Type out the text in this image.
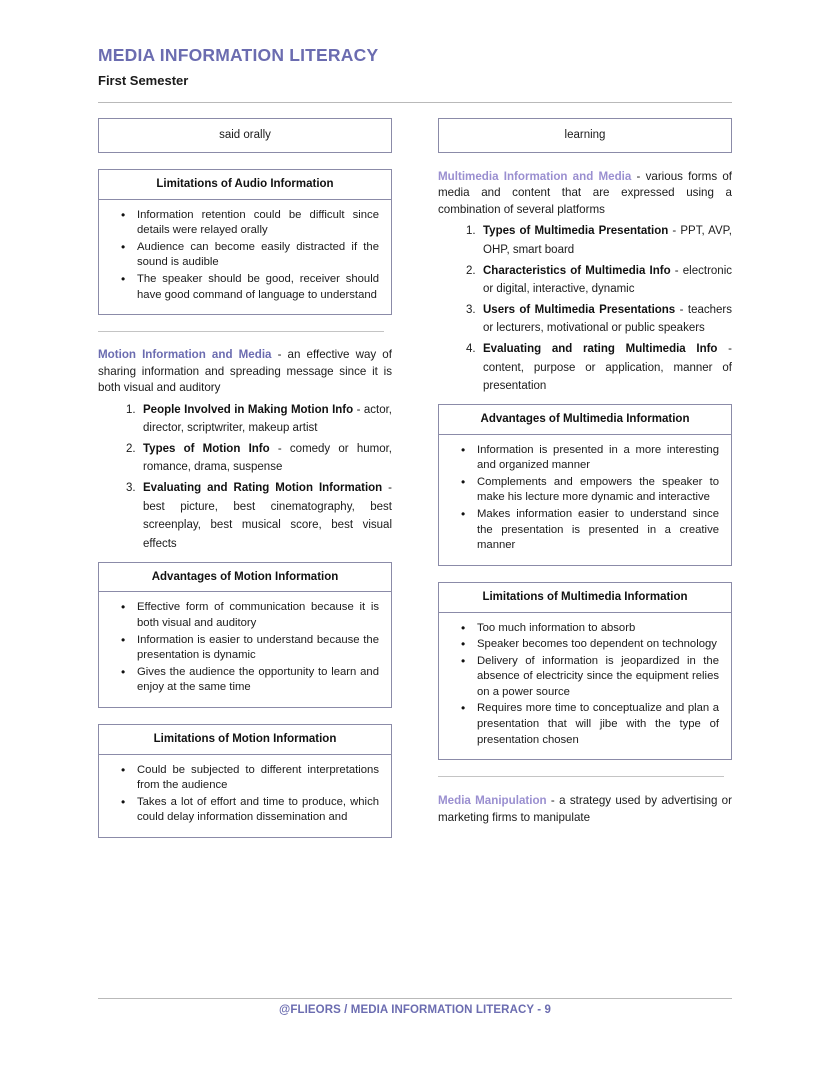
MEDIA INFORMATION LITERACY
First Semester
said orally
Limitations of Audio Information
• Information retention could be difficult since details were relayed orally
• Audience can become easily distracted if the sound is audible
• The speaker should be good, receiver should have good command of language to understand

Motion Information and Media - an effective way of sharing information and spreading message since it is both visual and auditory

People Involved in Making Motion Info - actor, director, scriptwriter, makeup artist
Types of Motion Info - comedy or humor, romance, drama, suspense
Evaluating and Rating Motion Information - best picture, best cinematography, best screenplay, best musical score, best visual effects
Advantages of Motion Information
• Effective form of communication because it is both visual and auditory
• Information is easier to understand because the presentation is dynamic
• Gives the audience the opportunity to learn and enjoy at the same time
Limitations of Motion Information
• Could be subjected to different interpretations from the audience
• Takes a lot of effort and time to produce, which could delay information dissemination and
learning

Multimedia Information and Media - various forms of media and content that are expressed using a combination of several platforms

Types of Multimedia Presentation - PPT, AVP, OHP, smart board
Characteristics of Multimedia Info - electronic or digital, interactive, dynamic
Users of Multimedia Presentations - teachers or lecturers, motivational or public speakers
Evaluating and rating Multimedia Info - content, purpose or application, manner of presentation
Advantages of Multimedia Information
• Information is presented in a more interesting and organized manner
• Complements and empowers the speaker to make his lecture more dynamic and interactive
• Makes information easier to understand since the presentation is presented in a creative manner
Limitations of Multimedia Information
• Too much information to absorb
• Speaker becomes too dependent on technology
• Delivery of information is jeopardized in the absence of electricity since the equipment relies on a power source
• Requires more time to conceptualize and plan a presentation that will jibe with the type of presentation chosen

Media Manipulation - a strategy used by advertising or marketing firms to manipulate

@FLIEORS / MEDIA INFORMATION LITERACY - 9
